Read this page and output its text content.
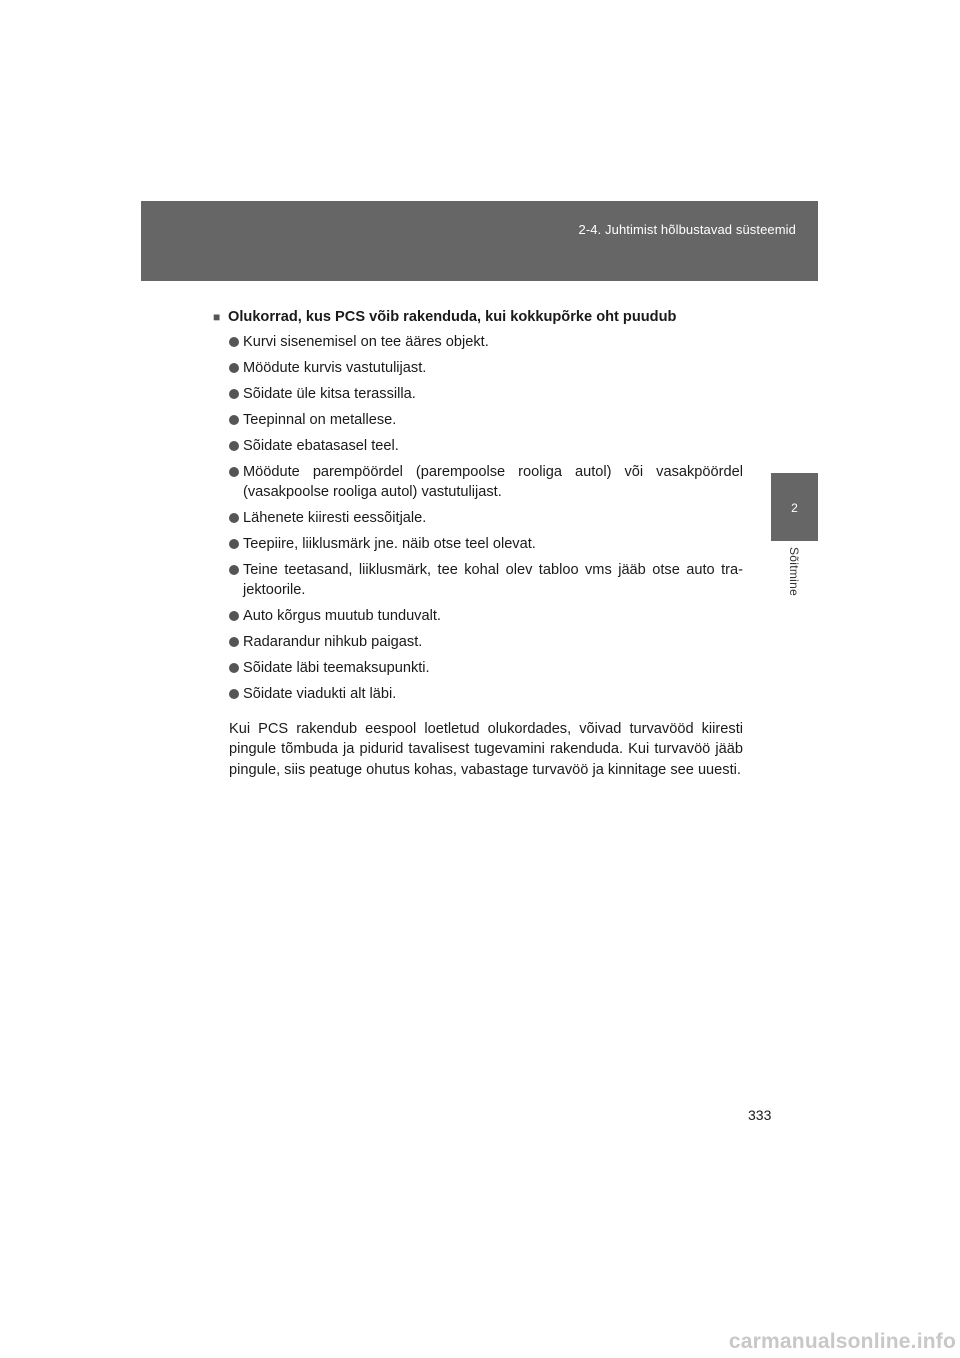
2-4. Juhtimist hõlbustavad süsteemid
2
Sõitmine
■ Olukorrad, kus PCS võib rakenduda, kui kokkupõrke oht puudub
Kurvi sisenemisel on tee ääres objekt.
Möödute kurvis vastutulijast.
Sõidate üle kitsa terassilla.
Teepinnal on metallese.
Sõidate ebatasasel teel.
Möödute parempöördel (parempoolse rooliga autol) või vasakpöördel (vasakpoolse rooliga autol) vastutulijast.
Lähenete kiiresti eessõitjale.
Teepiire, liiklusmärk jne. näib otse teel olevat.
Teine teetasand, liiklusmärk, tee kohal olev tabloo vms jääb otse auto tra-jektoorile.
Auto kõrgus muutub tunduvalt.
Radarandur nihkub paigast.
Sõidate läbi teemaksupunkti.
Sõidate viadukti alt läbi.

Kui PCS rakendub eespool loetletud olukordades, võivad turvavööd kiiresti pingule tõmbuda ja pidurid tavalisest tugevamini rakenduda. Kui turvavöö jääb pingule, siis peatuge ohutus kohas, vabastage turvavöö ja kinnitage see uuesti.

333
carmanualsonline.info
